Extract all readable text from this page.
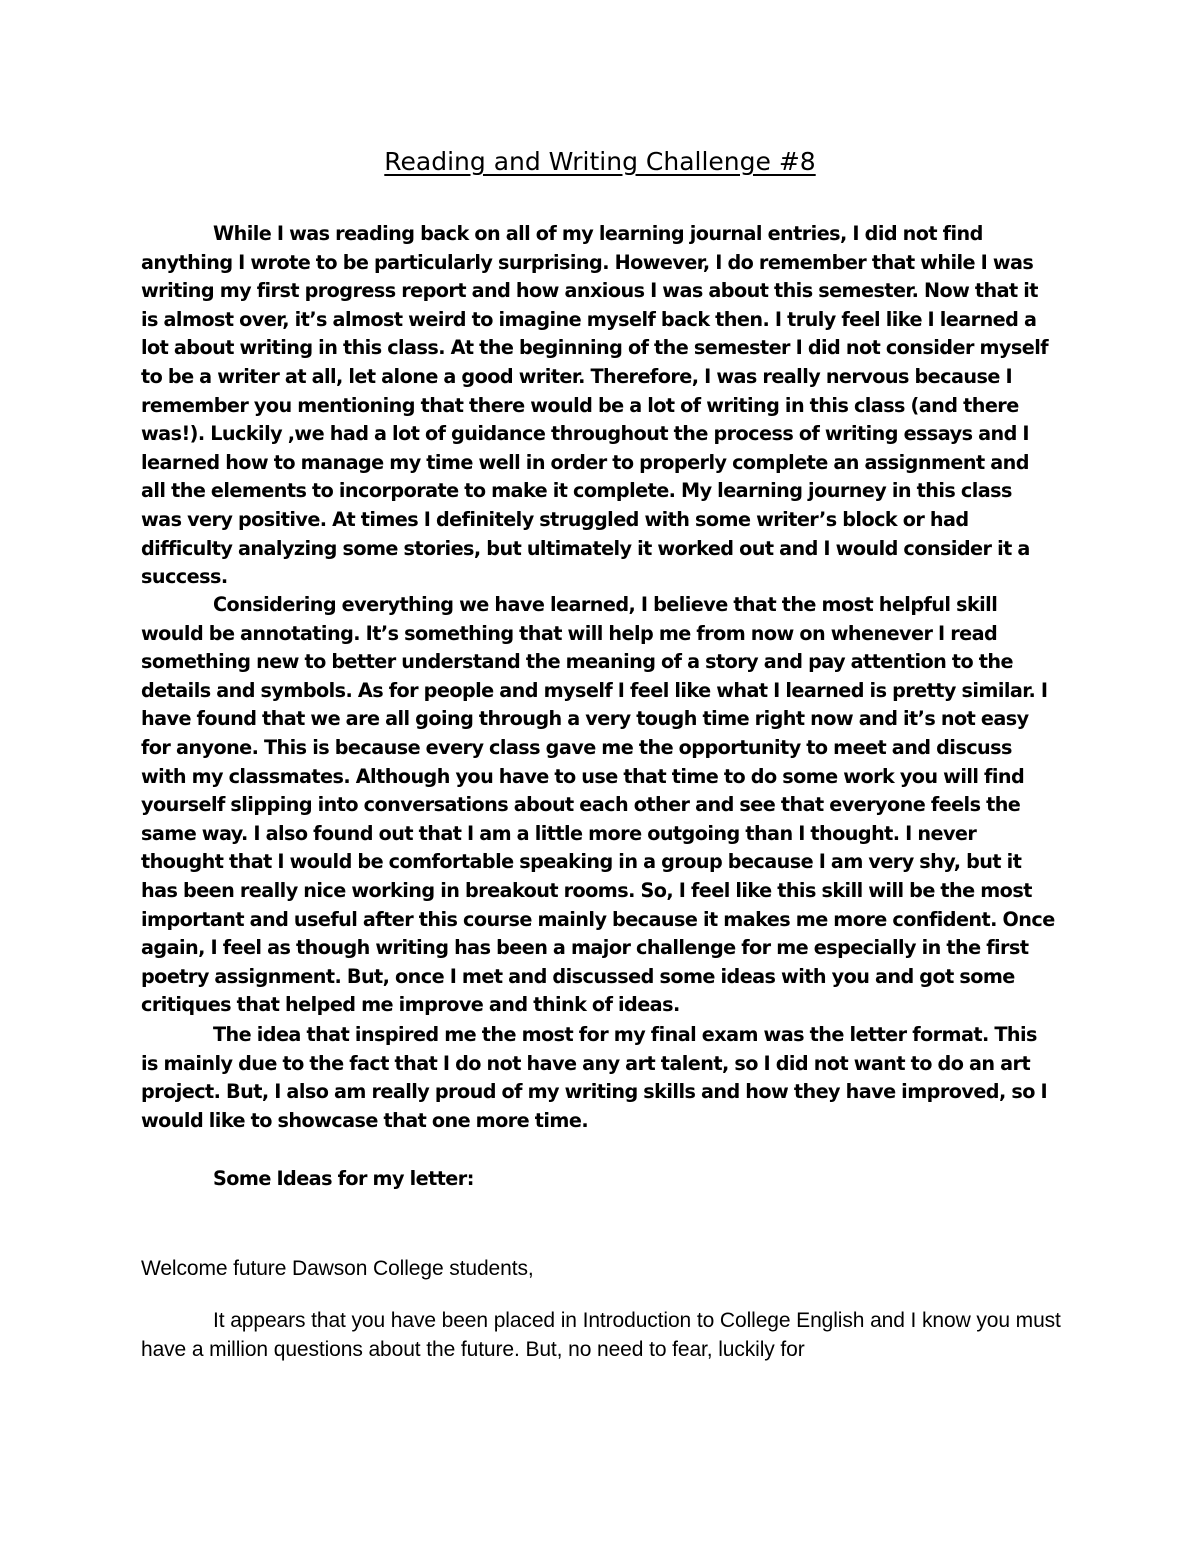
Reading and Writing Challenge #8

While I was reading back on all of my learning journal entries, I did not find anything I wrote to be particularly surprising. However, I do remember that while I was writing my first progress report and how anxious I was about this semester. Now that it is almost over, it’s almost weird to imagine myself back then. I truly feel like I learned a lot about writing in this class. At the beginning of the semester I did not consider myself to be a writer at all, let alone a good writer. Therefore, I was really nervous because I remember you mentioning that there would be a lot of writing in this class (and there was!). Luckily ,we had a lot of guidance throughout the process of writing essays and I learned how to manage my time well in order to properly complete an assignment and all the elements to incorporate to make it complete. My learning journey in this class was very positive. At times I definitely struggled with some writer’s block or had difficulty analyzing some stories, but ultimately it worked out and I would consider it a success.

Considering everything we have learned, I believe that the most helpful skill would be annotating. It’s something that will help me from now on whenever I read something new to better understand the meaning of a story and pay attention to the details and symbols. As for people and myself I feel like what I learned is pretty similar. I have found that we are all going through a very tough time right now and it’s not easy for anyone. This is because every class gave me the opportunity to meet and discuss with my classmates. Although you have to use that time to do some work you will find yourself slipping into conversations about each other and see that everyone feels the same way. I also found out that I am a little more outgoing than I thought. I never thought that I would be comfortable speaking in a group because I am very shy, but it has been really nice working in breakout rooms. So, I feel like this skill will be the most important and useful after this course mainly because it makes me more confident. Once again, I feel as though writing has been a major challenge for me especially in the first poetry assignment. But, once I met and discussed some ideas with you and got some critiques that helped me improve and think of ideas.

The idea that inspired me the most for my final exam was the letter format. This is mainly due to the fact that I do not have any art talent, so I did not want to do an art project. But, I also am really proud of my writing skills and how they have improved, so I would like to showcase that one more time.

Some Ideas for my letter:

Welcome future Dawson College students,

It appears that you have been placed in Introduction to College English and I know you must have a million questions about the future. But, no need to fear, luckily for
